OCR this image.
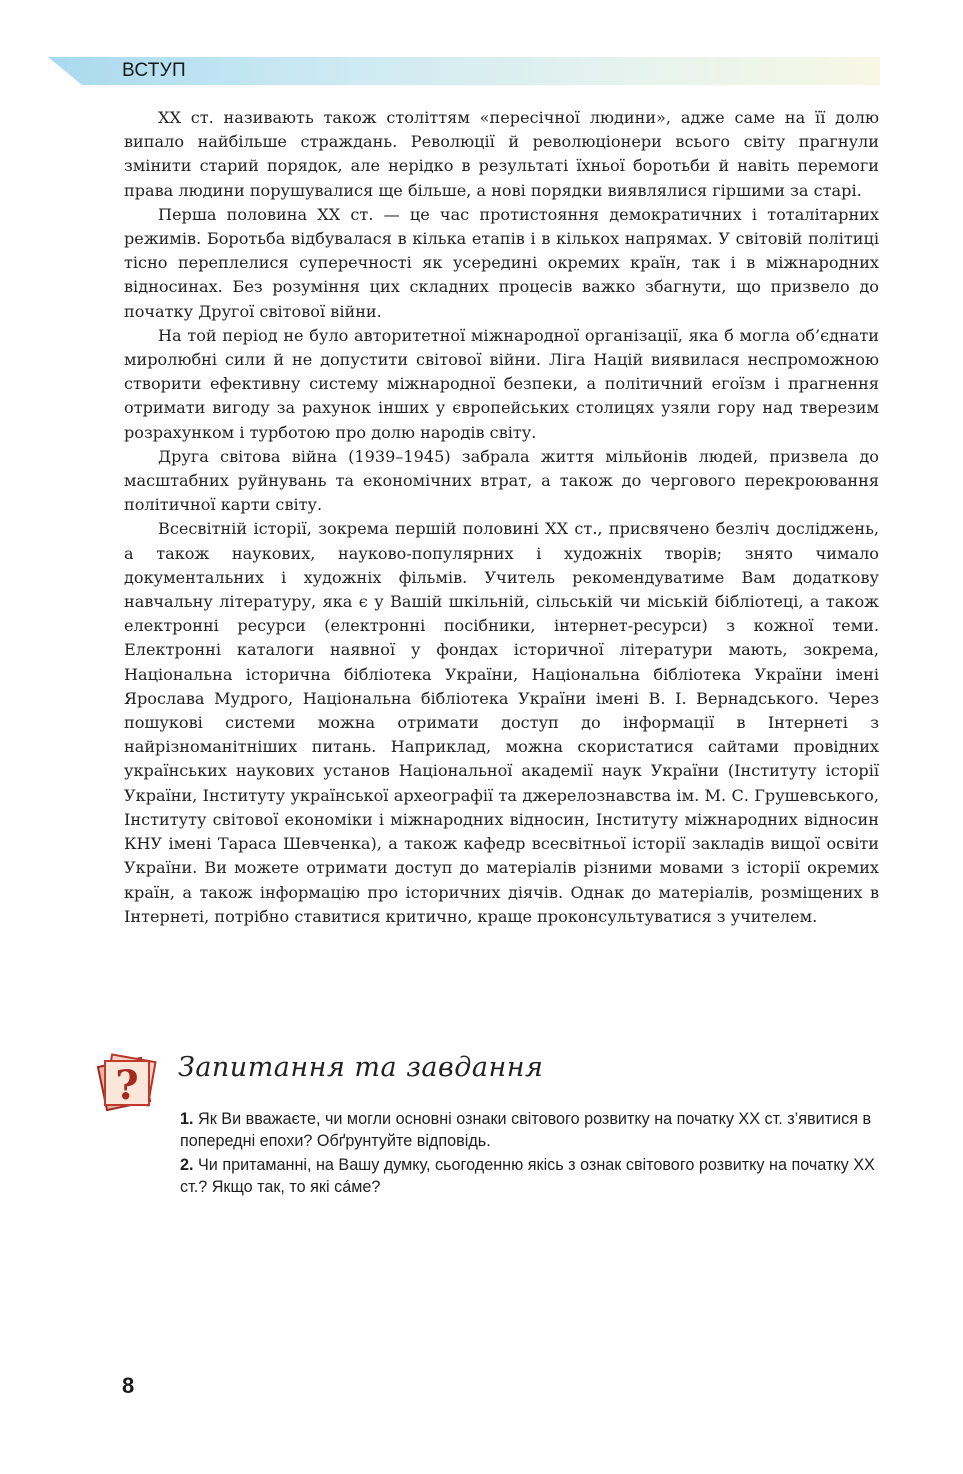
ВСТУП

XX ст. називають також століттям «пересічної людини», адже саме на її долю випало найбільше страждань. Революції й революціонери всього світу прагнули змінити старий порядок, але нерідко в результаті їхньої боротьби й навіть перемоги права людини порушувалися ще більше, а нові порядки виявлялися гіршими за старі.

Перша половина XX ст. — це час протистояння демократичних і тоталітарних режимів. Боротьба відбувалася в кілька етапів і в кількох напрямах. У світовій політиці тісно переплелися суперечності як усередині окремих країн, так і в міжнародних відносинах. Без розуміння цих складних процесів важко збагнути, що призвело до початку Другої світової війни.

На той період не було авторитетної міжнародної організації, яка б могла об’єднати миролюбні сили й не допустити світової війни. Ліга Націй виявилася неспроможною створити ефективну систему міжнародної безпеки, а політичний егоїзм і прагнення отримати вигоду за рахунок інших у європейських столицях узяли гору над тверезим розрахунком і турботою про долю народів світу.

Друга світова війна (1939–1945) забрала життя мільйонів людей, призвела до масштабних руйнувань та економічних втрат, а також до чергового перекроювання політичної карти світу.

Всесвітній історії, зокрема першій половині XX ст., присвячено безліч досліджень, а також наукових, науково-популярних і художніх творів; знято чимало документальних і художніх фільмів. Учитель рекомендуватиме Вам додаткову навчальну літературу, яка є у Вашій шкільній, сільській чи міській бібліотеці, а також електронні ресурси (електронні посібники, інтернет-ресурси) з кожної теми. Електронні каталоги наявної у фондах історичної літератури мають, зокрема, Національна історична бібліотека України, Національна бібліотека України імені Ярослава Мудрого, Національна бібліотека України імені В. І. Вернадського. Через пошукові системи можна отримати доступ до інформації в Інтернеті з найрізноманітніших питань. Наприклад, можна скористатися сайтами провідних українських наукових установ Національної академії наук України (Інституту історії України, Інституту української археографії та джерелознавства ім. М. С. Грушевського, Інституту світової економіки і міжнародних відносин, Інституту міжнародних відносин КНУ імені Тараса Шевченка), а також кафедр всесвітньої історії закладів вищої освіти України. Ви можете отримати доступ до матеріалів різними мовами з історії окремих країн, а також інформацію про історичних діячів. Однак до матеріалів, розміщених в Інтернеті, потрібно ставитися критично, краще проконсультуватися з учителем.

? Запитання та завдання
1. Як Ви вважаєте, чи могли основні ознаки світового розвитку на початку XX ст. з’явитися в попередні епохи? Обґрунтуйте відповідь.
2. Чи притаманні, на Вашу думку, сьогоденню якісь з ознак світового розвитку на початку XX ст.? Якщо так, то які сáме?
8
